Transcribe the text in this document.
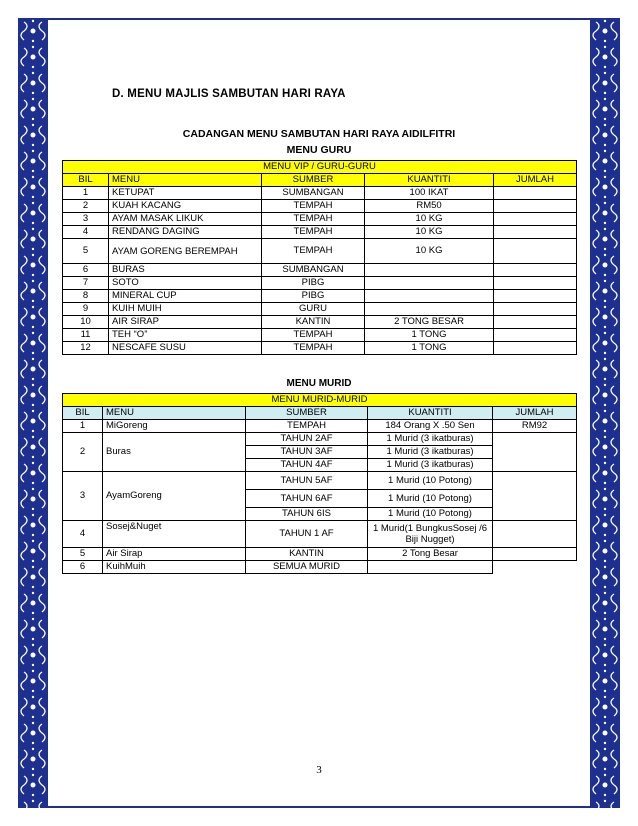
D. MENU MAJLIS SAMBUTAN HARI RAYA
CADANGAN MENU SAMBUTAN HARI RAYA AIDILFITRI
MENU GURU
MENU VIP / GURU-GURU				
BIL	MENU	SUMBER	KUANTITI	JUMLAH
1	KETUPAT	SUMBANGAN	100 IKAT	
2	KUAH KACANG	TEMPAH	RM50	
3	AYAM MASAK LIKUK	TEMPAH	10 KG	
4	RENDANG DAGING	TEMPAH	10 KG	
5	AYAM GORENG BEREMPAH	TEMPAH	10 KG	
6	BURAS	SUMBANGAN		
7	SOTO	PIBG		
8	MINERAL CUP	PIBG		
9	KUIH MUIH	GURU		
10	AIR SIRAP	KANTIN	2 TONG BESAR	
11	TEH “O”	TEMPAH	1 TONG	
12	NESCAFE SUSU	TEMPAH	1 TONG	
MENU MURID
MENU MURID-MURID				
BIL	MENU	SUMBER	KUANTITI	JUMLAH
1	MiGoreng	TEMPAH	184 Orang X .50 Sen	RM92
2	Buras	TAHUN 2AF	1 Murid (3 ikatburas)	
		TAHUN 3AF	1 Murid (3 ikatburas)	
		TAHUN 4AF	1 Murid (3 ikatburas)	
3	AyamGoreng	TAHUN 5AF	1 Murid (10 Potong)	
		TAHUN 6AF	1 Murid (10 Potong)	
		TAHUN 6IS	1 Murid (10 Potong)	
4	Sosej&Nuget	TAHUN 1 AF	1 Murid(1 BungkusSosej /6 Biji Nugget)	
5	Air Sirap	KANTIN	2 Tong Besar	
6	KuihMuih	SEMUA MURID		
3
